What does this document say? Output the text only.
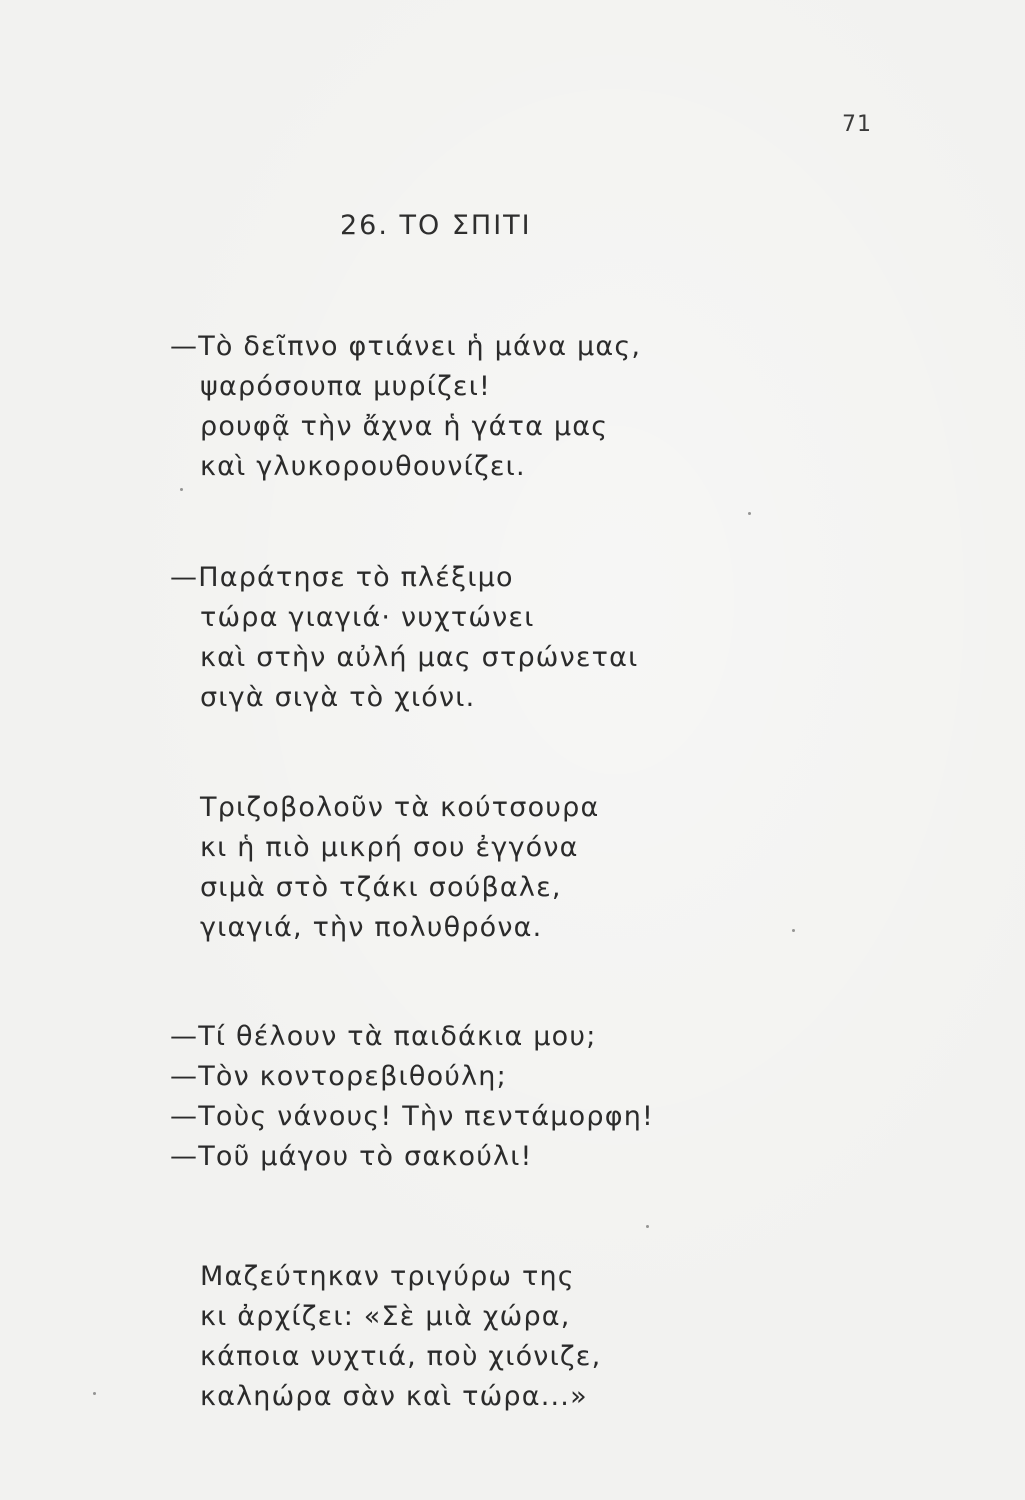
71
26. ΤΟ ΣΠΙΤΙ
—Τὸ δεῖπνο φτιάνει ἡ μάνα μας,
ψαρόσουπα μυρίζει!
ρουφᾷ τὴν ἄχνα ἡ γάτα μας
καὶ γλυκορουθουνίζει.
—Παράτησε τὸ πλέξιμο
τώρα γιαγιά· νυχτώνει
καὶ στὴν αὐλή μας στρώνεται
σιγὰ σιγὰ τὸ χιόνι.
Τριζοβολοῦν τὰ κούτσουρα
κι ἡ πιὸ μικρή σου ἐγγόνα
σιμὰ στὸ τζάκι σούβαλε,
γιαγιά, τὴν πολυθρόνα.
—Τί θέλουν τὰ παιδάκια μου;
—Τὸν κοντορεβιθούλη;
—Τοὺς νάνους! Τὴν πεντάμορφη!
—Τοῦ μάγου τὸ σακούλι!
Μαζεύτηκαν τριγύρω της
κι ἀρχίζει: «Σὲ μιὰ χώρα,
κάποια νυχτιά, ποὺ χιόνιζε,
καληώρα σὰν καὶ τώρα...»
